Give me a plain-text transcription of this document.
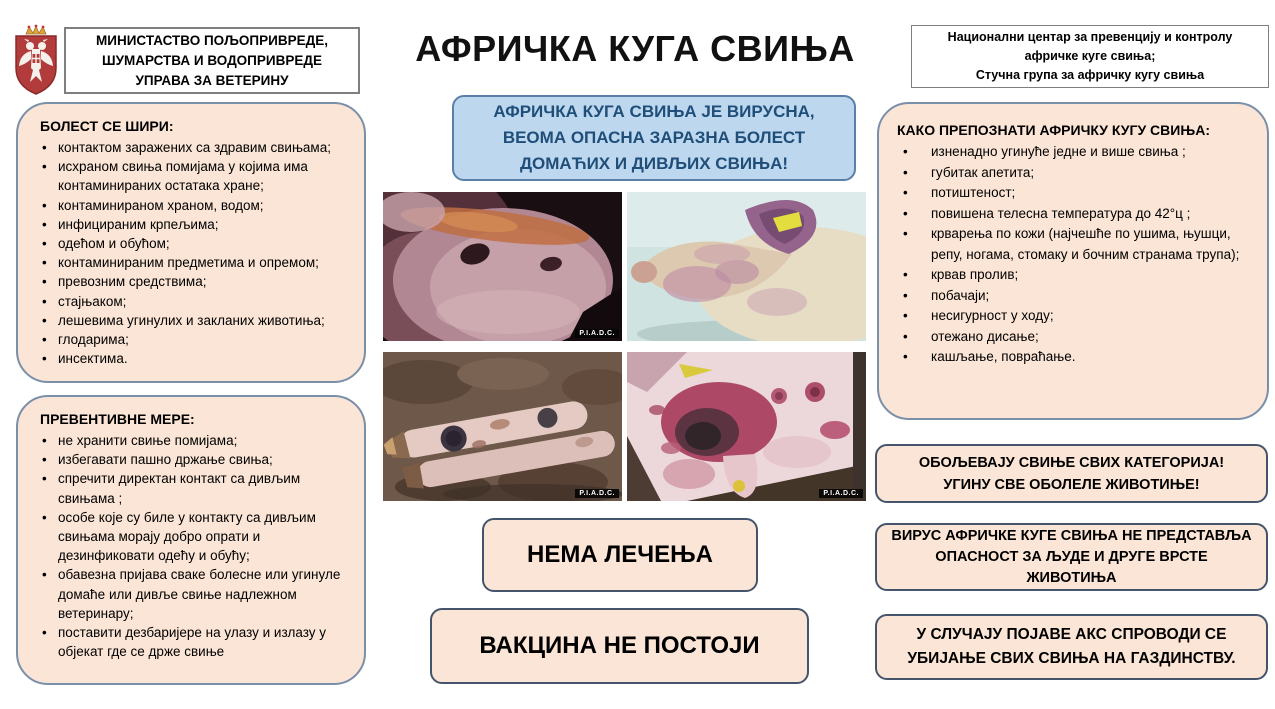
МИНИСТАСТВО ПОЉОПРИВРЕДЕ,
ШУМАРСТВА И ВОДОПРИВРЕДЕ
УПРАВА ЗА ВЕТЕРИНУ
АФРИЧКА КУГА СВИЊА	Национални центар за превенцију и контролу
афричке куге свиња;
Стучна група за афричку кугу свиња
БОЛЕСТ СЕ ШИРИ:
• контактом заражених са здравим свињама;
• исхраном свиња помијама у којима има контаминираних остатака хране;
• контаминираном храном, водом;
• инфицираним крпељима;
• одећом и обућом;
• контаминираним предметима и опремом;
• превозним средствима;
• стајњаком;
• лешевима угинулих и закланих животиња;
• глодарима;
• инсектима.
ПРЕВЕНТИВНЕ МЕРЕ:
• не хранити свиње помијама;
• избегавати пашно држање свиња;
• спречити директан контакт са дивљим свињама ;
• особе које су биле у контакту са дивљим свињама морају добро опрати и дезинфиковати одећу и обућу;
• обавезна пријава сваке болесне или угинуле домаће или дивље свиње надлежном ветеринару;
• поставити дезбаријере на улазу и излазу у објекат где се држе свиње
АФРИЧКА КУГА СВИЊА ЈЕ ВИРУСНА,
ВЕОМА ОПАСНА ЗАРАЗНА БОЛЕСТ
ДОМАЋИХ И ДИВЉИХ СВИЊА!
P.I.A.D.C.
P.I.A.D.C.	P.I.A.D.C.
НЕМА ЛЕЧЕЊА
ВАКЦИНА НЕ ПОСТОЈИ
КАКО ПРЕПОЗНАТИ АФРИЧКУ КУГУ СВИЊА:
• изненадно угинуће једне и више свиња ;
• губитак апетита;
• потиштеност;
• повишена телесна температура до 42°ц ;
• крварења по кожи (најчешће по ушима, њушци, репу, ногама, стомаку и бочним странама трупа);
• крвав пролив;
• побачаји;
• несигурност у ходу;
• отежано дисање;
• кашљање, повраћање.
ОБОЉЕВАЈУ СВИЊЕ СВИХ КАТЕГОРИЈА!
УГИНУ СВЕ ОБОЛЕЛЕ ЖИВОТИЊЕ!
ВИРУС АФРИЧКЕ КУГЕ СВИЊА НЕ ПРЕДСТАВЉА
ОПАСНОСТ ЗА ЉУДЕ И ДРУГЕ ВРСТЕ
ЖИВОТИЊА
У СЛУЧАЈУ ПОЈАВЕ АКС СПРОВОДИ СЕ
УБИЈАЊЕ СВИХ СВИЊА НА ГАЗДИНСТВУ.
